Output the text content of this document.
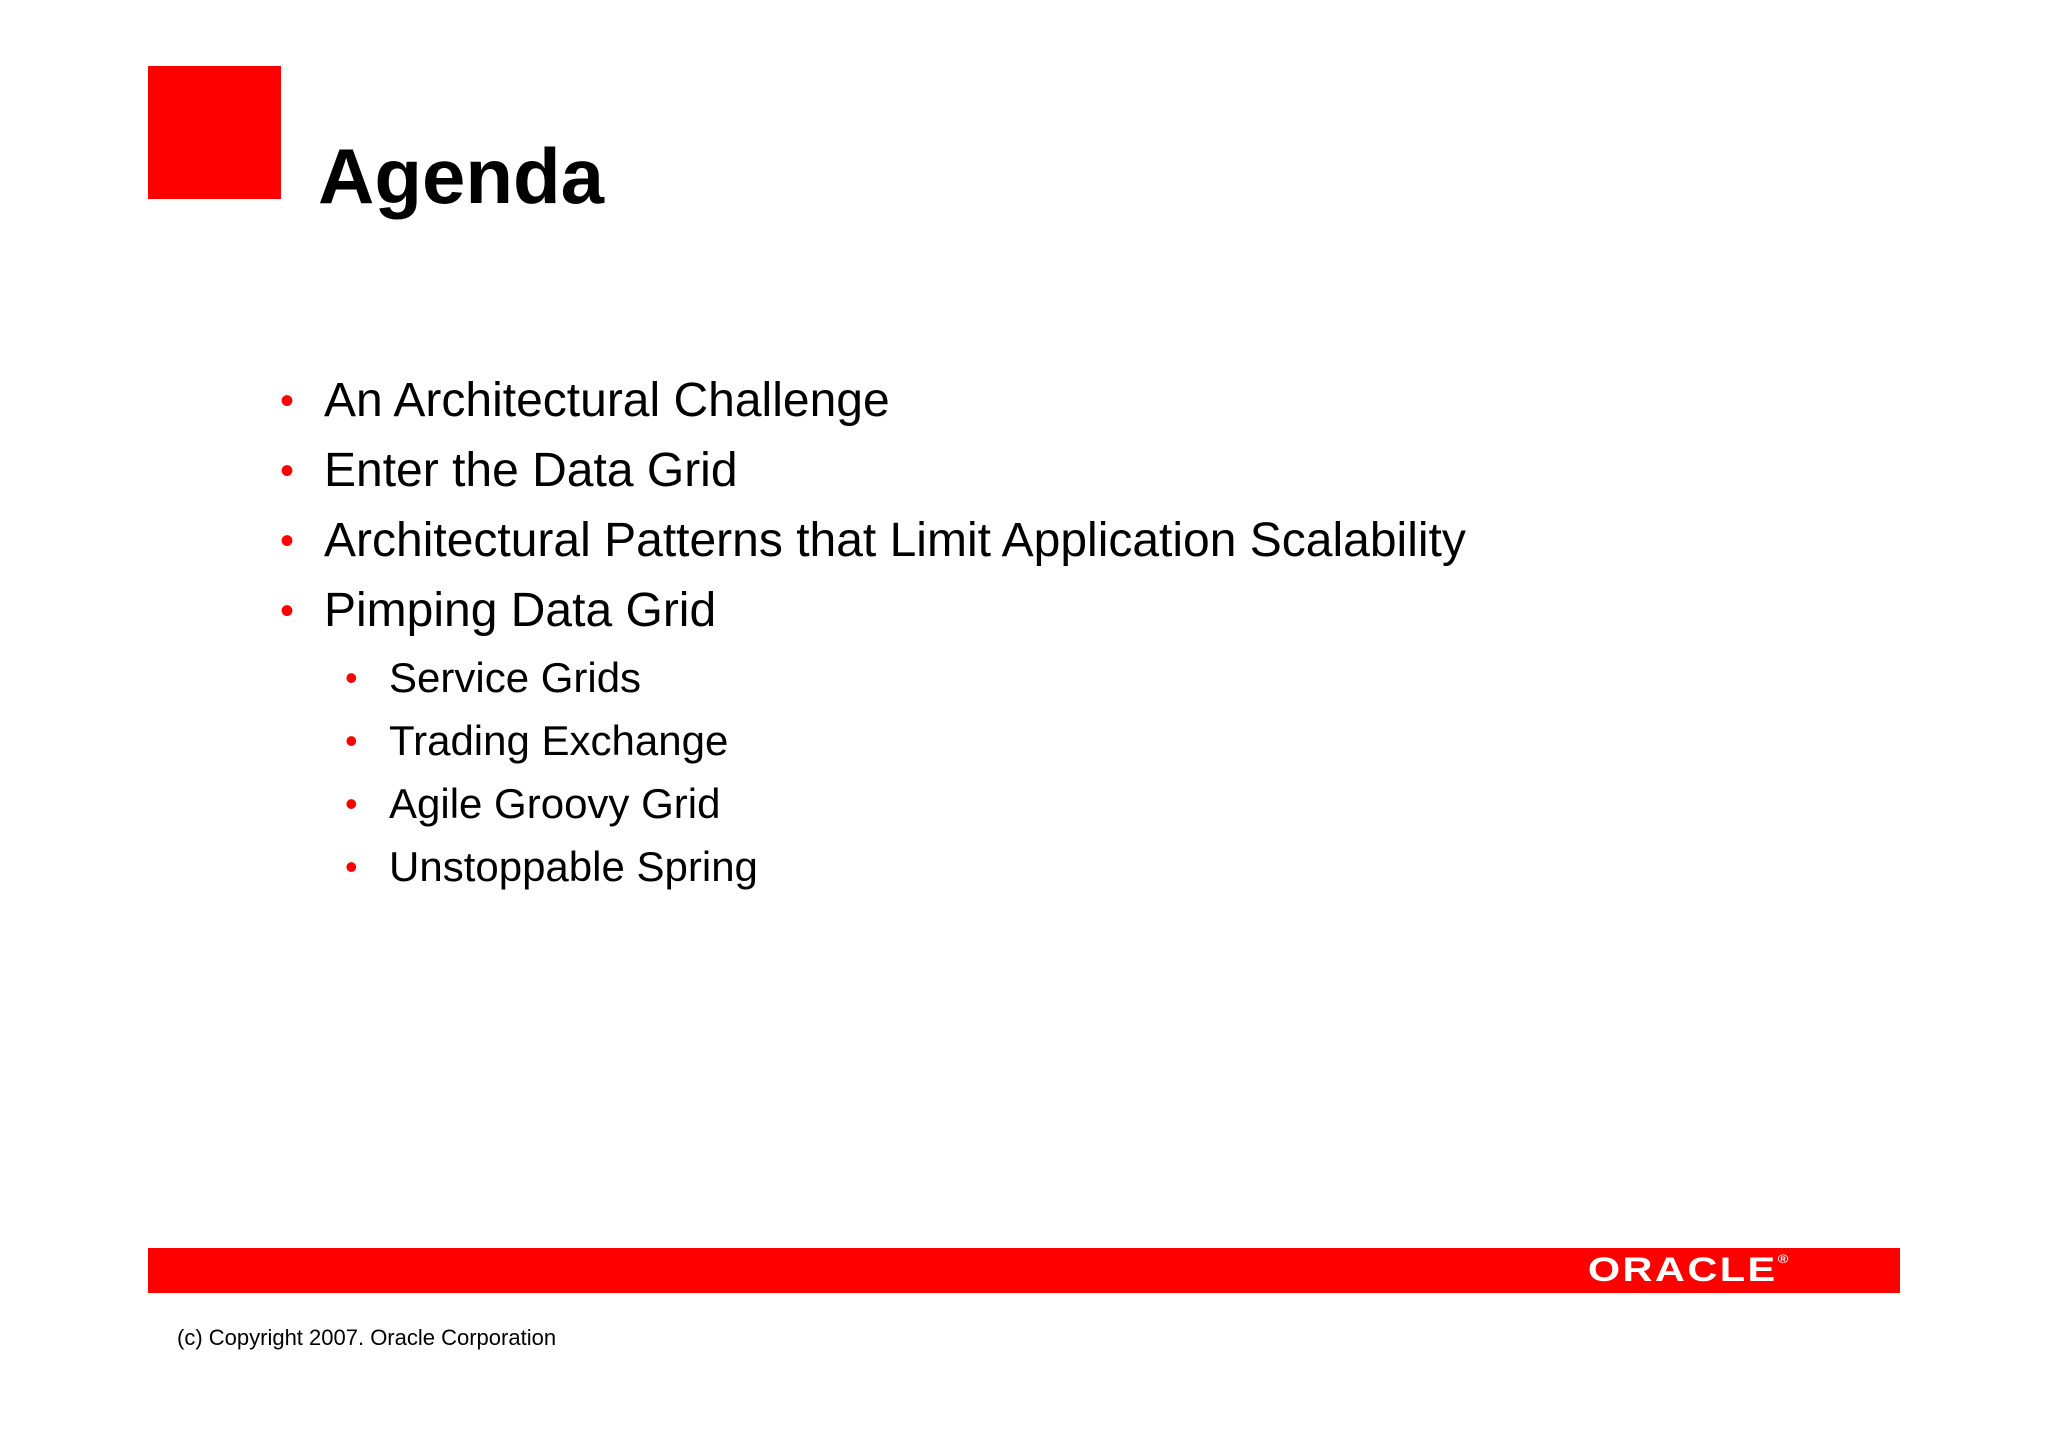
Agenda
• An Architectural Challenge
• Enter the Data Grid
• Architectural Patterns that Limit Application Scalability
• Pimping Data Grid
• Service Grids
• Trading Exchange
• Agile Groovy Grid
• Unstoppable Spring
ORACLE®
(c) Copyright 2007. Oracle Corporation
